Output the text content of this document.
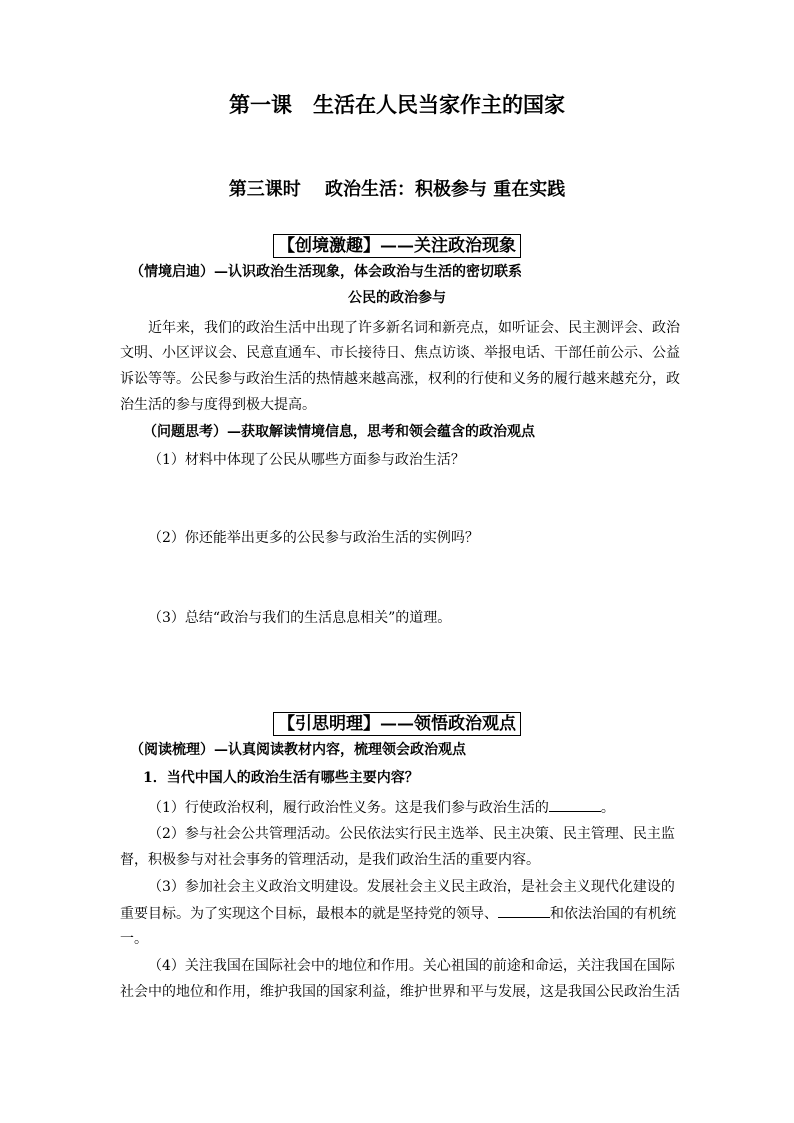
第一课　生活在人民当家作主的国家
第三课时　 政治生活：积极参与 重在实践
【创境激趣】——关注政治现象
（情境启迪）—认识政治生活现象，体会政治与生活的密切联系
公民的政治参与
近年来，我们的政治生活中出现了许多新名词和新亮点，如听证会、民主测评会、政治
文明、小区评议会、民意直通车、市长接待日、焦点访谈、举报电话、干部任前公示、公益
诉讼等等。公民参与政治生活的热情越来越高涨，权利的行使和义务的履行越来越充分，政
治生活的参与度得到极大提高。
（问题思考）—获取解读情境信息，思考和领会蕴含的政治观点
（1）材料中体现了公民从哪些方面参与政治生活？
（2）你还能举出更多的公民参与政治生活的实例吗？
（3）总结“政治与我们的生活息息相关”的道理。
【引思明理】——领悟政治观点
（阅读梳理）—认真阅读教材内容，梳理领会政治观点
1．当代中国人的政治生活有哪些主要内容？
（1）行使政治权利，履行政治性义务。这是我们参与政治生活的	。
（2）参与社会公共管理活动。公民依法实行民主选举、民主决策、民主管理、民主监
督，积极参与对社会事务的管理活动，是我们政治生活的重要内容。
（3）参加社会主义政治文明建设。发展社会主义民主政治，是社会主义现代化建设的
重要目标。为了实现这个目标，最根本的就是坚持党的领导、	和依法治国的有机统
一。
（4）关注我国在国际社会中的地位和作用。关心祖国的前途和命运，关注我国在国际
社会中的地位和作用，维护我国的国家利益，维护世界和平与发展，这是我国公民政治生活
